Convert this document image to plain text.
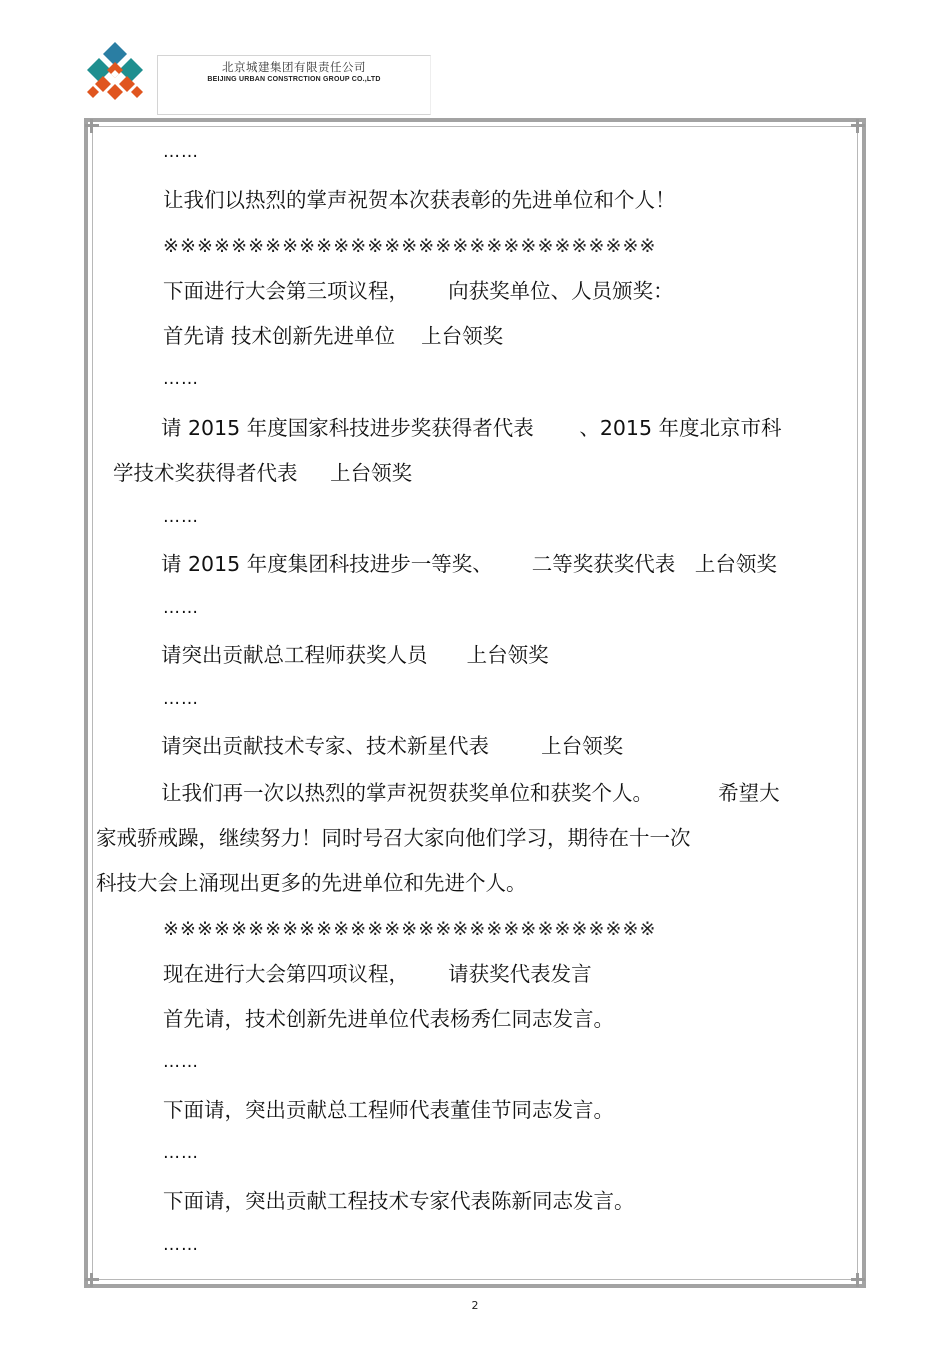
北京城建集团有限责任公司
BEIJING URBAN CONSTRCTION GROUP CO.,LTD
……
让我们以热烈的掌声祝贺本次获表彰的先进单位和个人！
※※※※※※※※※※※※※※※※※※※※※※※※※※※※※
下面进行大会第三项议程，      向获奖单位、人员颁奖：
首先请 技术创新先进单位    上台领奖
……
请 2015 年度国家科技进步奖获得者代表       、2015 年度北京市科
学技术奖获得者代表     上台领奖
……
请 2015 年度集团科技进步一等奖、      二等奖获奖代表   上台领奖
……
请突出贡献总工程师获奖人员      上台领奖
……
请突出贡献技术专家、技术新星代表        上台领奖
让我们再一次以热烈的掌声祝贺获奖单位和获奖个人。          希望大
家戒骄戒躁，继续努力！同时号召大家向他们学习，期待在十一次
科技大会上涌现出更多的先进单位和先进个人。
※※※※※※※※※※※※※※※※※※※※※※※※※※※※※
现在进行大会第四项议程，      请获奖代表发言
首先请，技术创新先进单位代表杨秀仁同志发言。
……
下面请，突出贡献总工程师代表董佳节同志发言。
……
下面请，突出贡献工程技术专家代表陈新同志发言。
……
2
